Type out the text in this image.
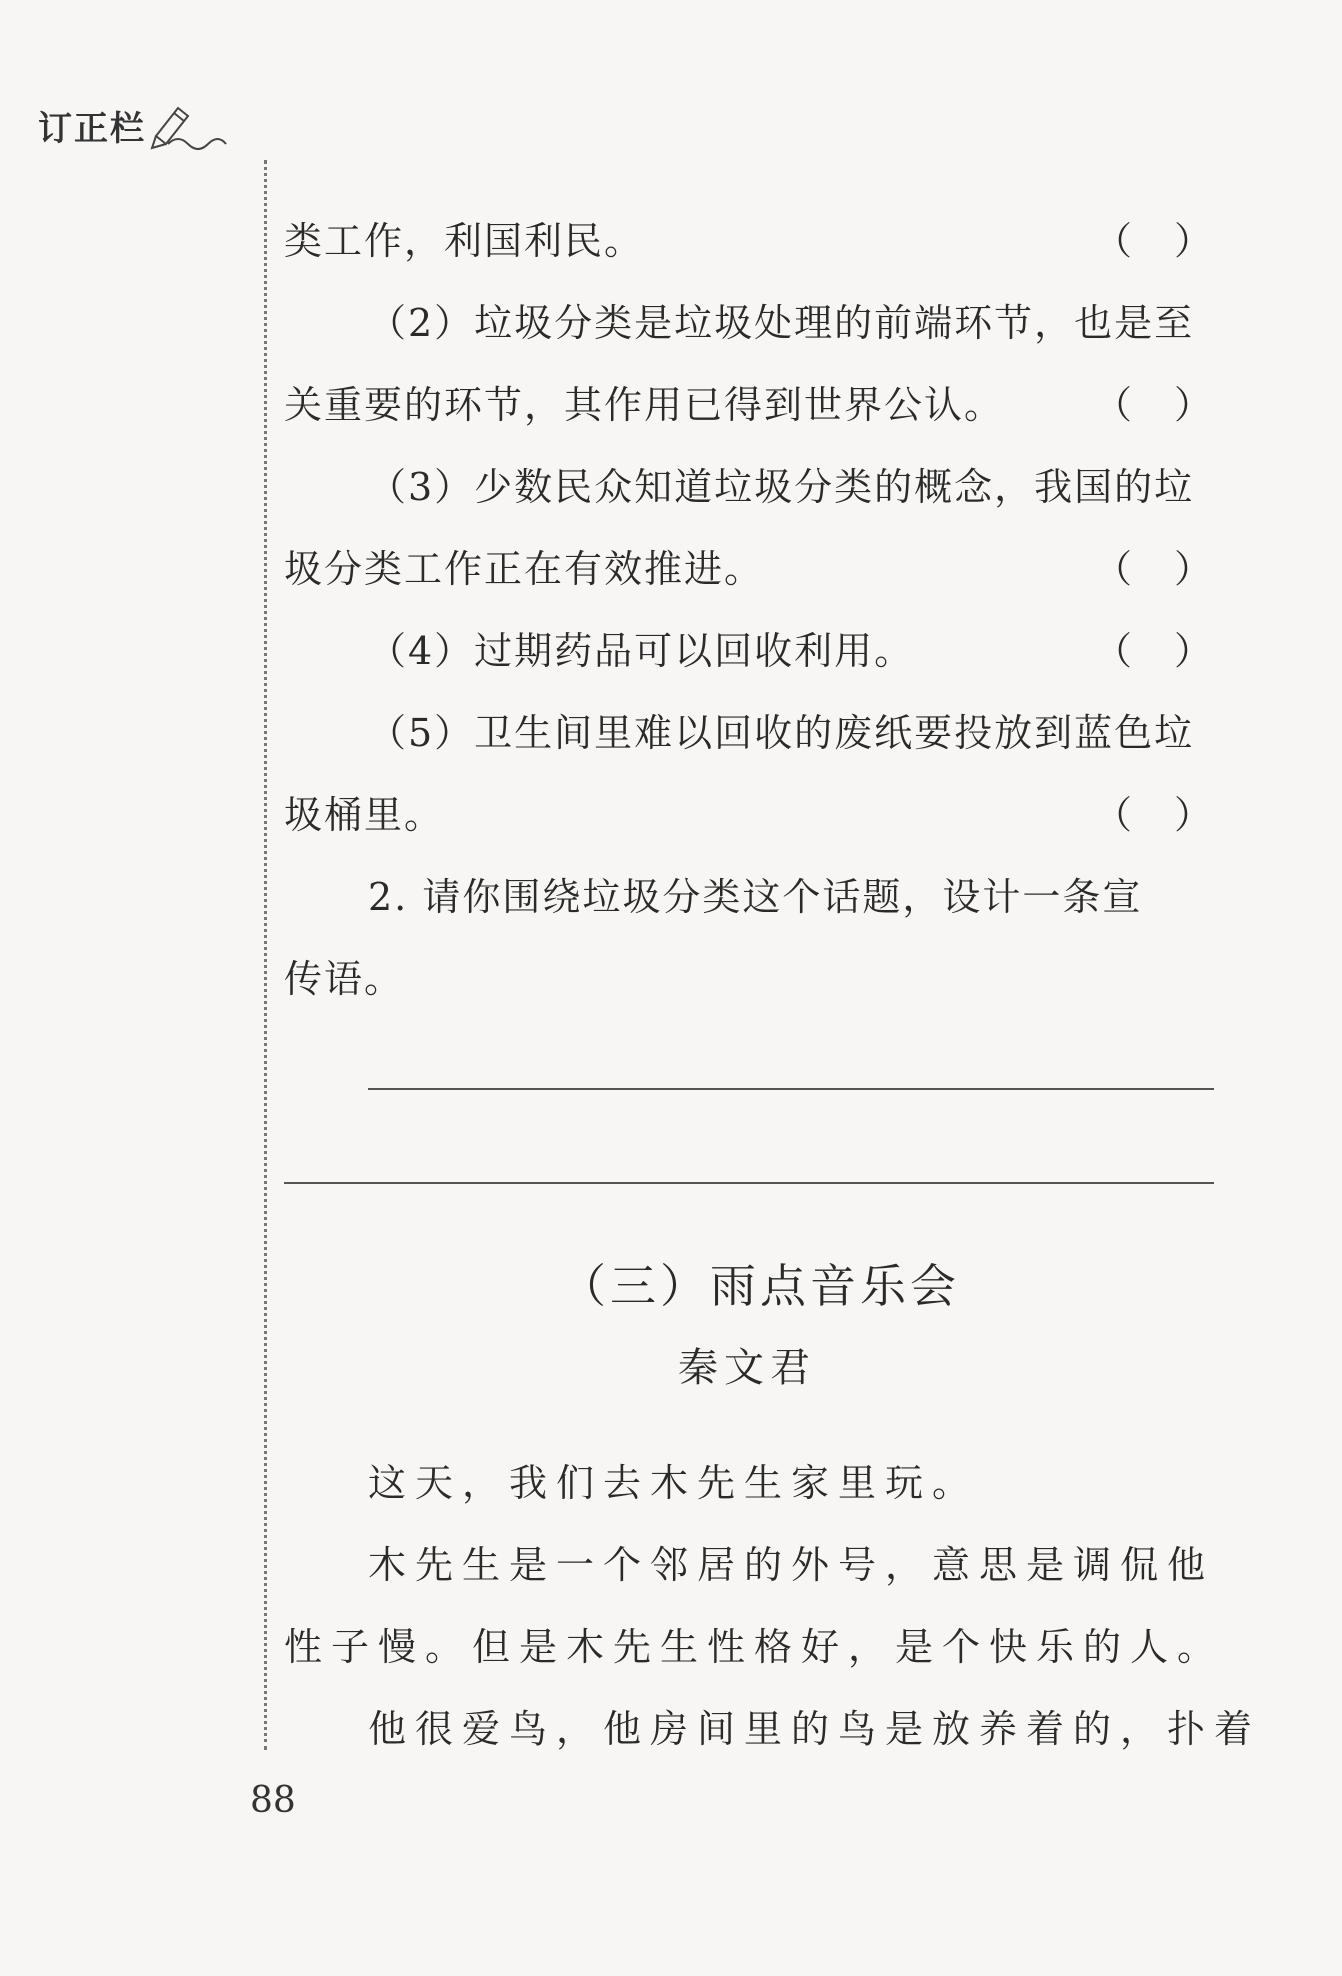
订正栏
类工作，利国利民。	（ ）
（2）垃圾分类是垃圾处理的前端环节，也是至
关重要的环节，其作用已得到世界公认。 （ ）
（3）少数民众知道垃圾分类的概念，我国的垃
圾分类工作正在有效推进。	（ ）
（4）过期药品可以回收利用。	（ ）
（5）卫生间里难以回收的废纸要投放到蓝色垃
圾桶里。	（ ）
2. 请你围绕垃圾分类这个话题，设计一条宣
传语。
（三）雨点音乐会
秦文君
这天，我们去木先生家里玩。
木先生是一个邻居的外号，意思是调侃他
性子慢。但是木先生性格好，是个快乐的人。
他很爱鸟，他房间里的鸟是放养着的，扑着
88
